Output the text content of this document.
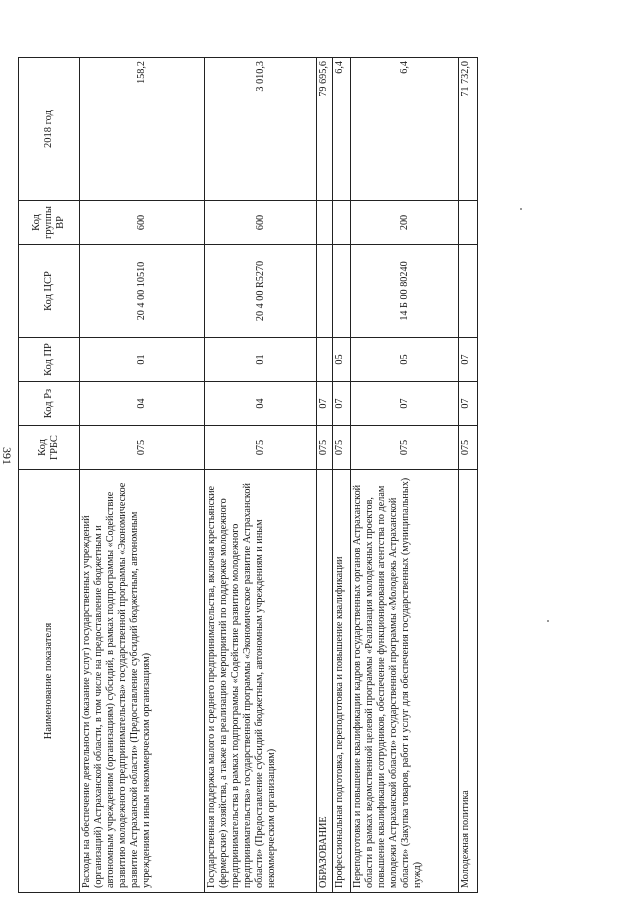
391
Наименование показателя	Код ГРБС	Код Рз	Код ПР	Код ЦСР	Код группы ВР	2018 год
Расходы на обеспечение деятельности (оказание услуг) государственных учреждений (организаций) Астраханской области, в том числе на предоставление бюджетным и автономным учреждениям (организациям) субсидий, в рамках подпрограммы «Содействие развитию молодежного предпринимательства» государственной программы «Экономическое развитие Астраханской области» (Предоставление субсидий бюджетным, автономным учреждениям и иным некоммерческим организациям)	075	04	01	20 4 00 10510	600	158,2
Государственная поддержка малого и среднего предпринимательства, включая крестьянские (фермерские) хозяйства, а также на реализацию мероприятий по поддержке молодежного предпринимательства в рамках подпрограммы «Содействие развитию молодежного предпринимательства» государственной программы «Экономическое развитие Астраханской области» (Предоставление субсидий бюджетным, автономным учреждениям и иным некоммерческим организациям)	075	04	01	20 4 00 R5270	600	3 010,3
ОБРАЗОВАНИЕ	075	07				79 695,6
Профессиональная подготовка, переподготовка и повышение квалификации	075	07	05			6,4
Переподготовка и повышение квалификации кадров государственных органов Астраханской области в рамках ведомственной целевой программы «Реализация молодежных проектов, повышение квалификации сотрудников, обеспечение функционирования агентства по делам молодежи Астраханской области» государственной программы «Молодежь Астраханской области» (Закупка товаров, работ и услуг для обеспечения государственных (муниципальных) нужд)	075	07	05	14 Б 00 80240	200	6,4
Молодежная политика	075	07	07			71 732,0
